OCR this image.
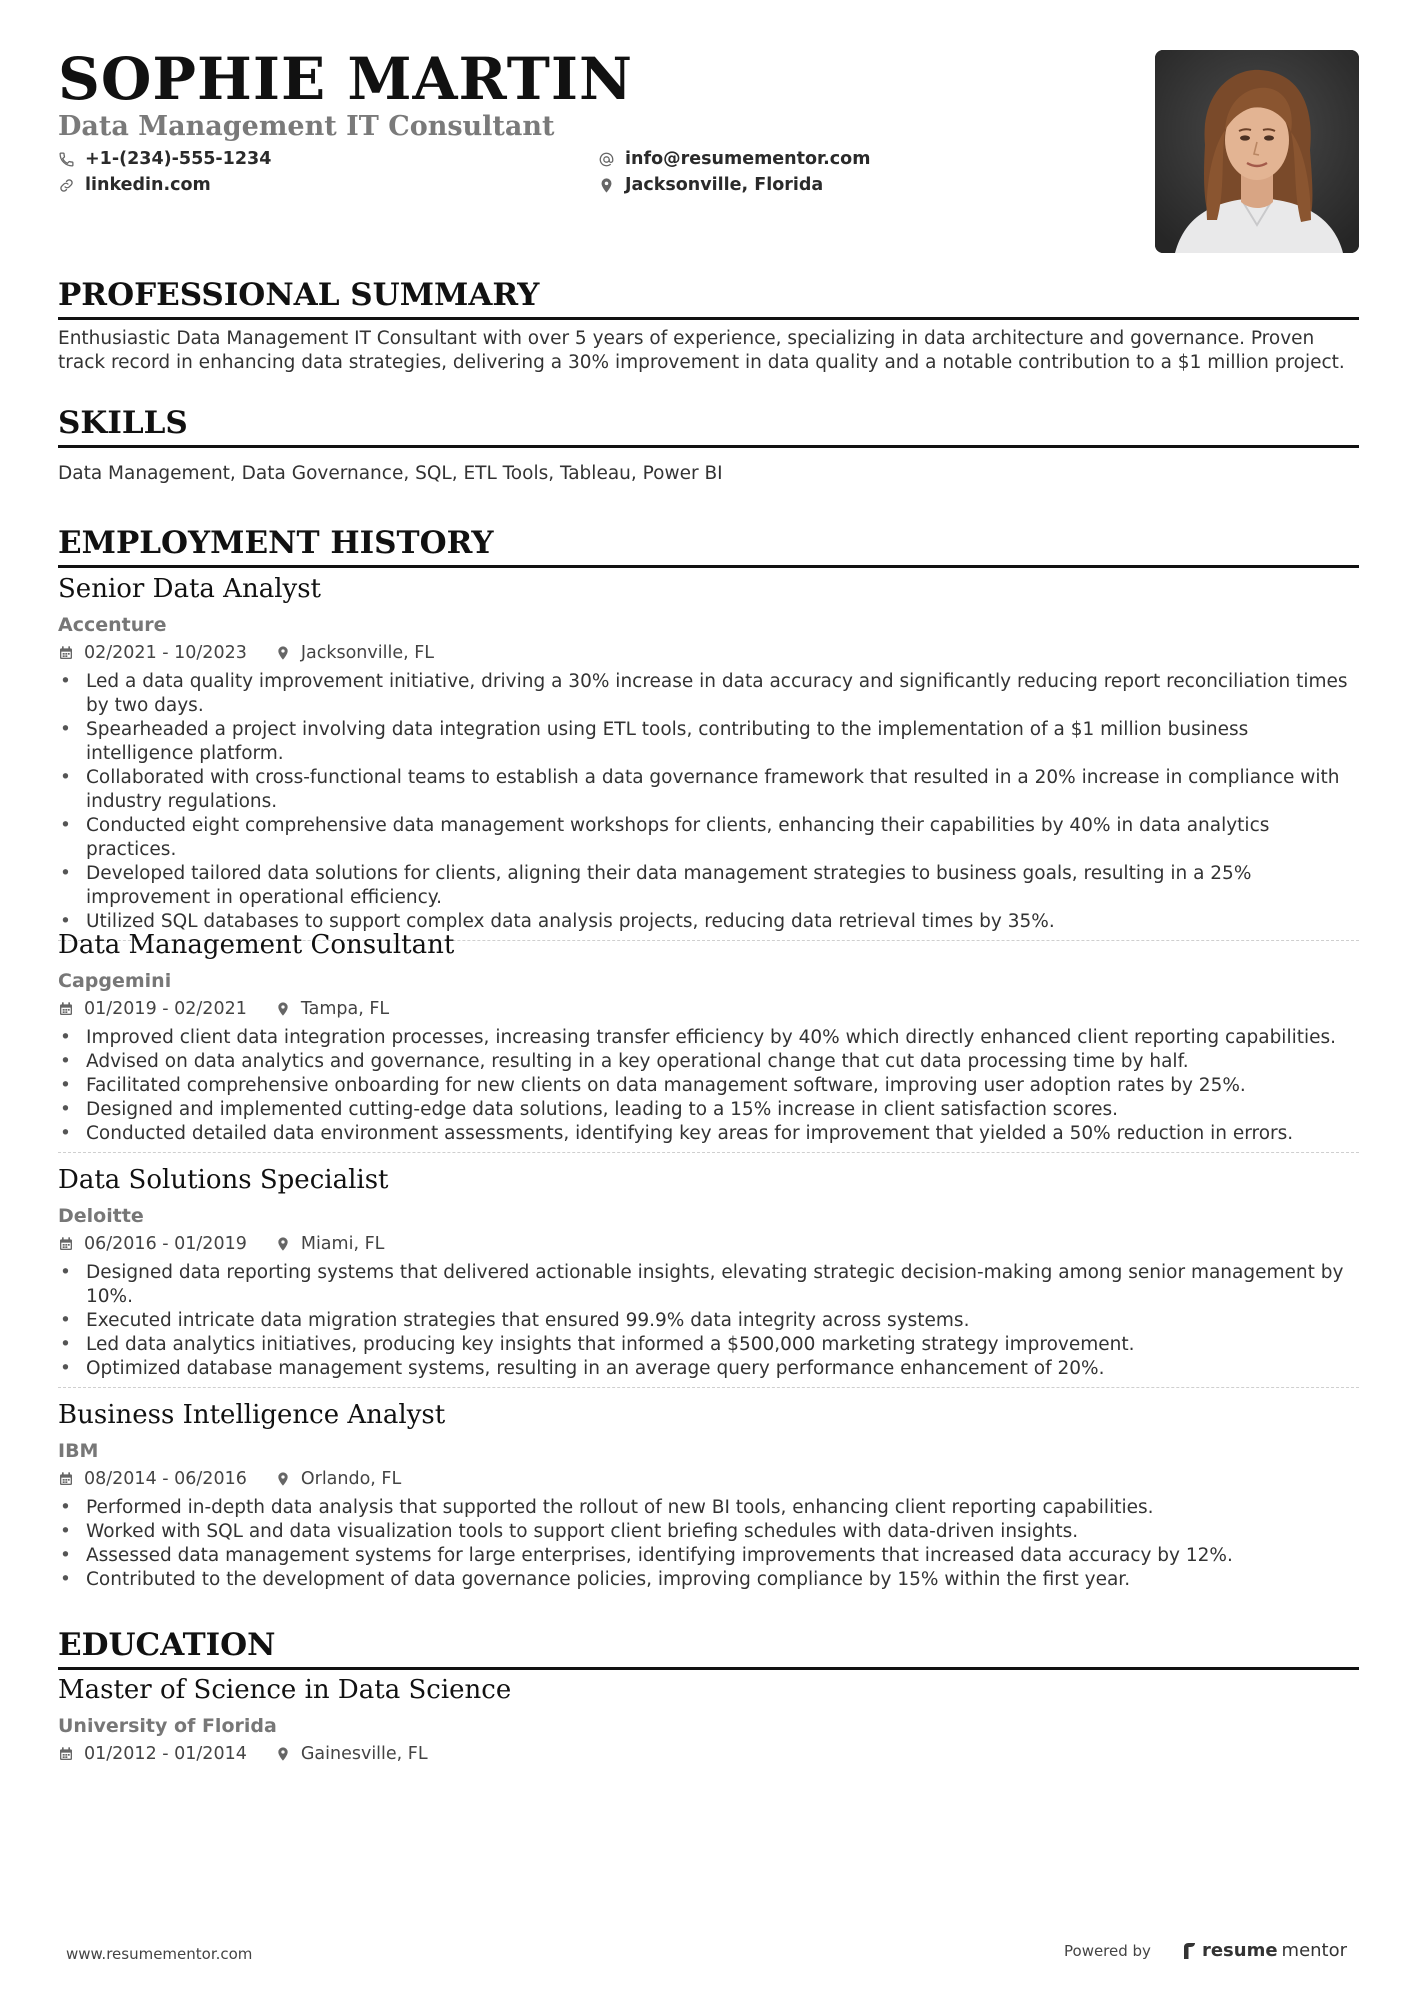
SOPHIE MARTIN
Data Management IT Consultant
+1-(234)-555-1234
linkedin.com
info@resumementor.com
Jacksonville, Florida
PROFESSIONAL SUMMARY
Enthusiastic Data Management IT Consultant with over 5 years of experience, specializing in data architecture and governance. Proven track record in enhancing data strategies, delivering a 30% improvement in data quality and a notable contribution to a $1 million project.
SKILLS
Data Management, Data Governance, SQL, ETL Tools, Tableau, Power BI
EMPLOYMENT HISTORY
Senior Data Analyst
Accenture
02/2021 - 10/2023	Jacksonville, FL
• Led a data quality improvement initiative, driving a 30% increase in data accuracy and significantly reducing report reconciliation times by two days.
• Spearheaded a project involving data integration using ETL tools, contributing to the implementation of a $1 million business intelligence platform.
• Collaborated with cross-functional teams to establish a data governance framework that resulted in a 20% increase in compliance with industry regulations.
• Conducted eight comprehensive data management workshops for clients, enhancing their capabilities by 40% in data analytics practices.
• Developed tailored data solutions for clients, aligning their data management strategies to business goals, resulting in a 25% improvement in operational efficiency.
• Utilized SQL databases to support complex data analysis projects, reducing data retrieval times by 35%.
Data Management Consultant
Capgemini
01/2019 - 02/2021	Tampa, FL
• Improved client data integration processes, increasing transfer efficiency by 40% which directly enhanced client reporting capabilities.
• Advised on data analytics and governance, resulting in a key operational change that cut data processing time by half.
• Facilitated comprehensive onboarding for new clients on data management software, improving user adoption rates by 25%.
• Designed and implemented cutting-edge data solutions, leading to a 15% increase in client satisfaction scores.
• Conducted detailed data environment assessments, identifying key areas for improvement that yielded a 50% reduction in errors.
Data Solutions Specialist
Deloitte
06/2016 - 01/2019	Miami, FL
• Designed data reporting systems that delivered actionable insights, elevating strategic decision-making among senior management by 10%.
• Executed intricate data migration strategies that ensured 99.9% data integrity across systems.
• Led data analytics initiatives, producing key insights that informed a $500,000 marketing strategy improvement.
• Optimized database management systems, resulting in an average query performance enhancement of 20%.
Business Intelligence Analyst
IBM
08/2014 - 06/2016	Orlando, FL
• Performed in-depth data analysis that supported the rollout of new BI tools, enhancing client reporting capabilities.
• Worked with SQL and data visualization tools to support client briefing schedules with data-driven insights.
• Assessed data management systems for large enterprises, identifying improvements that increased data accuracy by 12%.
• Contributed to the development of data governance policies, improving compliance by 15% within the first year.
EDUCATION
Master of Science in Data Science
University of Florida
01/2012 - 01/2014	Gainesville, FL
www.resumementor.com	Powered by	resume mentor
